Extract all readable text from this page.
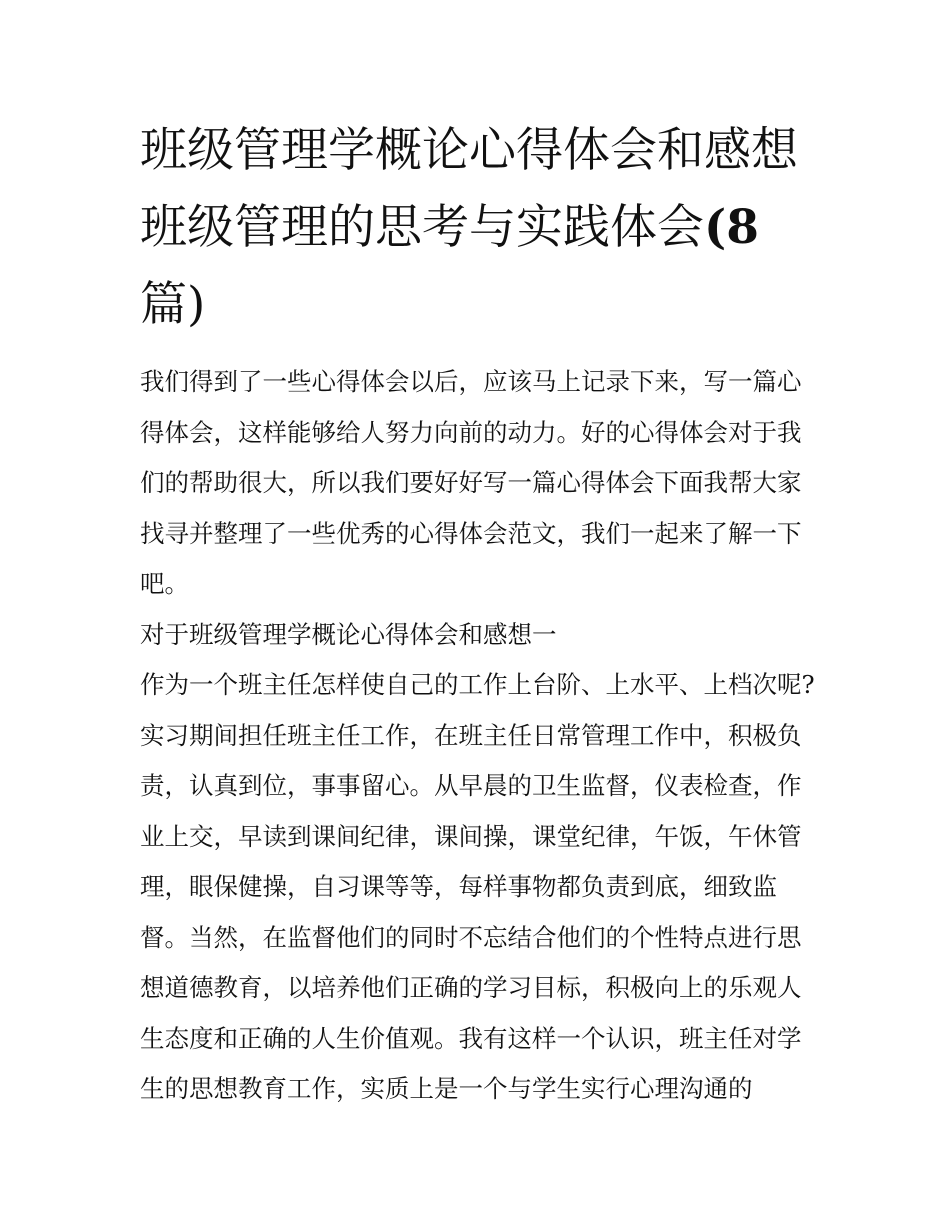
班级管理学概论心得体会和感想 班级管理的思考与实践体会(8 篇)

我们得到了一些心得体会以后，应该马上记录下来，写一篇心得体会，这样能够给人努力向前的动力。好的心得体会对于我们的帮助很大，所以我们要好好写一篇心得体会下面我帮大家找寻并整理了一些优秀的心得体会范文，我们一起来了解一下吧。

对于班级管理学概论心得体会和感想一

作为一个班主任怎样使自己的工作上台阶、上水平、上档次呢?实习期间担任班主任工作，在班主任日常管理工作中，积极负责，认真到位，事事留心。从早晨的卫生监督，仪表检查，作业上交，早读到课间纪律，课间操，课堂纪律，午饭，午休管理，眼保健操，自习课等等，每样事物都负责到底，细致监督。当然，在监督他们的同时不忘结合他们的个性特点进行思想道德教育，以培养他们正确的学习目标，积极向上的乐观人生态度和正确的人生价值观。我有这样一个认识，班主任对学生的思想教育工作，实质上是一个与学生实行心理沟通的
